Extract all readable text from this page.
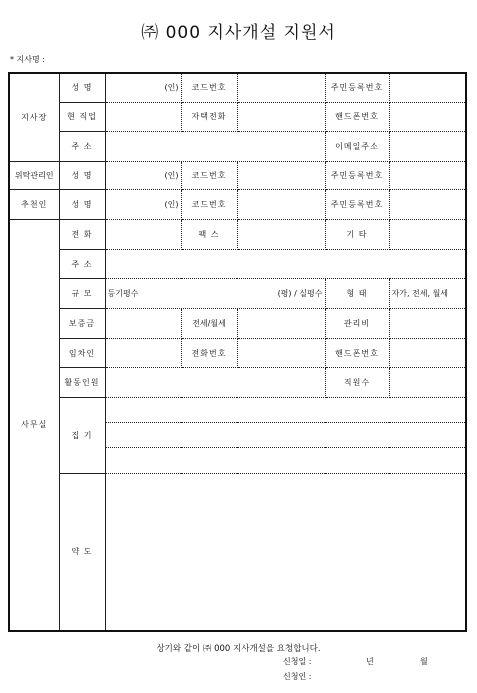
㈜ 000 지사개설 지원서
* 지사명 :
지사장	성 명	(인)	코드번호		주민등록번호	
	현 직업		자택전화		핸드폰번호	
	주 소				이메일주소	
위탁관리인	성 명	(인)	코드번호		주민등록번호	
추천인	성 명	(인)	코드번호		주민등록번호	
사무실	전 화		팩 스		기 타	
	주 소					
	규 모	등기평수 (평) / 실평수			형 태	자가, 전세, 월세
	보증금		전세/월세		관리비	
	임차인		전화번호		핸드폰번호	
	활동인원				직원수	
	집 기					

	약 도					
상기와 같이 ㈜ 000 지사개설을 요청합니다.
신청일 :	년	월
신청인 :
